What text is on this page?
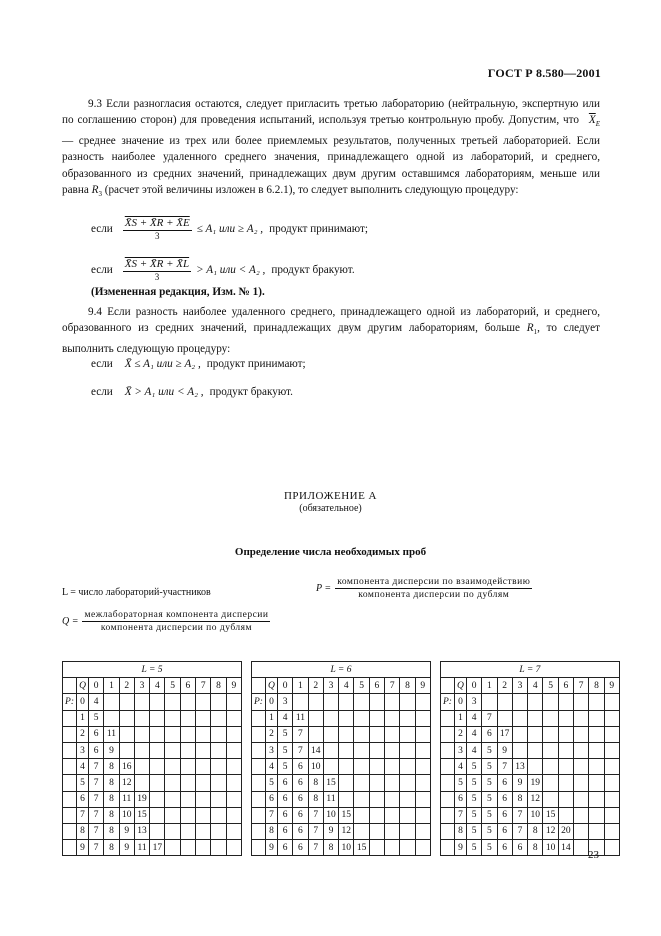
ГОСТ Р 8.580—2001

9.3 Если разногласия остаются, следует пригласить третью лабораторию (нейтральную, экспертную или по соглашению сторон) для проведения испытаний, используя третью контрольную пробу. Допустим, что $\overline{X}_E$ — среднее значение из трех или более приемлемых результатов, полученных третьей лабораторией. Если разность наиболее удаленного среднего значения, принадлежащего одной из лабораторий, и среднего, образованного из средних значений, принадлежащих двум другим оставшимся лабораториям, меньше или равна $R_3$ (расчет этой величины изложен в 6.2.1), то следует выполнить следующую процедуру:

если $\frac{X̄S + X̄R + X̄E}{3} \le A_1$ или ≥ A₂ , продукт принимают;
если $\frac{X̄S + X̄R + X̄L}{3} > A_1$ или < A₂ , продукт бракуют.
(Измененная редакция, Изм. № 1).

9.4 Если разность наиболее удаленного среднего, принадлежащего одной из лабораторий, и среднего, образованного из средних значений, принадлежащих двум другим лабораториям, больше $R_1$, то следует выполнить следующую процедуру:

если X̄ ≤ A₁ или ≥ A₂ , продукт принимают;
если X̄ > A₁ или < A₂ , продукт бракуют.
ПРИЛОЖЕНИЕ А
(обязательное)
Определение числа необходимых проб
L = число лабораторий-участников	P =
компонента дисперсии по взаимодействию
компонента дисперсии по дублям
Q =
межлабораторная компонента дисперсии
компонента дисперсии по дублям
L = 5													L = 6													L = 7											
	Q	0	1	2	3	4	5	6	7	8	9			Q	0	1	2	3	4	5	6	7	8	9			Q	0	1	2	3	4	5	6	7	8	9
P:	0	4											P:	0	3											P:	0	3									
	1	5												1	4	11											1	4	7								
	2	6	11											2	5	7											2	4	6	17							
	3	6	9											3	5	7	14										3	4	5	9							
	4	7	8	16										4	5	6	10										4	5	5	7	13						
	5	7	8	12										5	6	6	8	15									5	5	5	6	9	19					
	6	7	8	11	19									6	6	6	8	11									6	5	5	6	8	12					
	7	7	8	10	15									7	6	6	7	10	15								7	5	5	6	7	10	15				
	8	7	8	9	13									8	6	6	7	9	12								8	5	5	6	7	8	12	20			
	9	7	8	9	11	17								9	6	6	7	8	10	15							9	5	5	6	6	8	10	14			
23
